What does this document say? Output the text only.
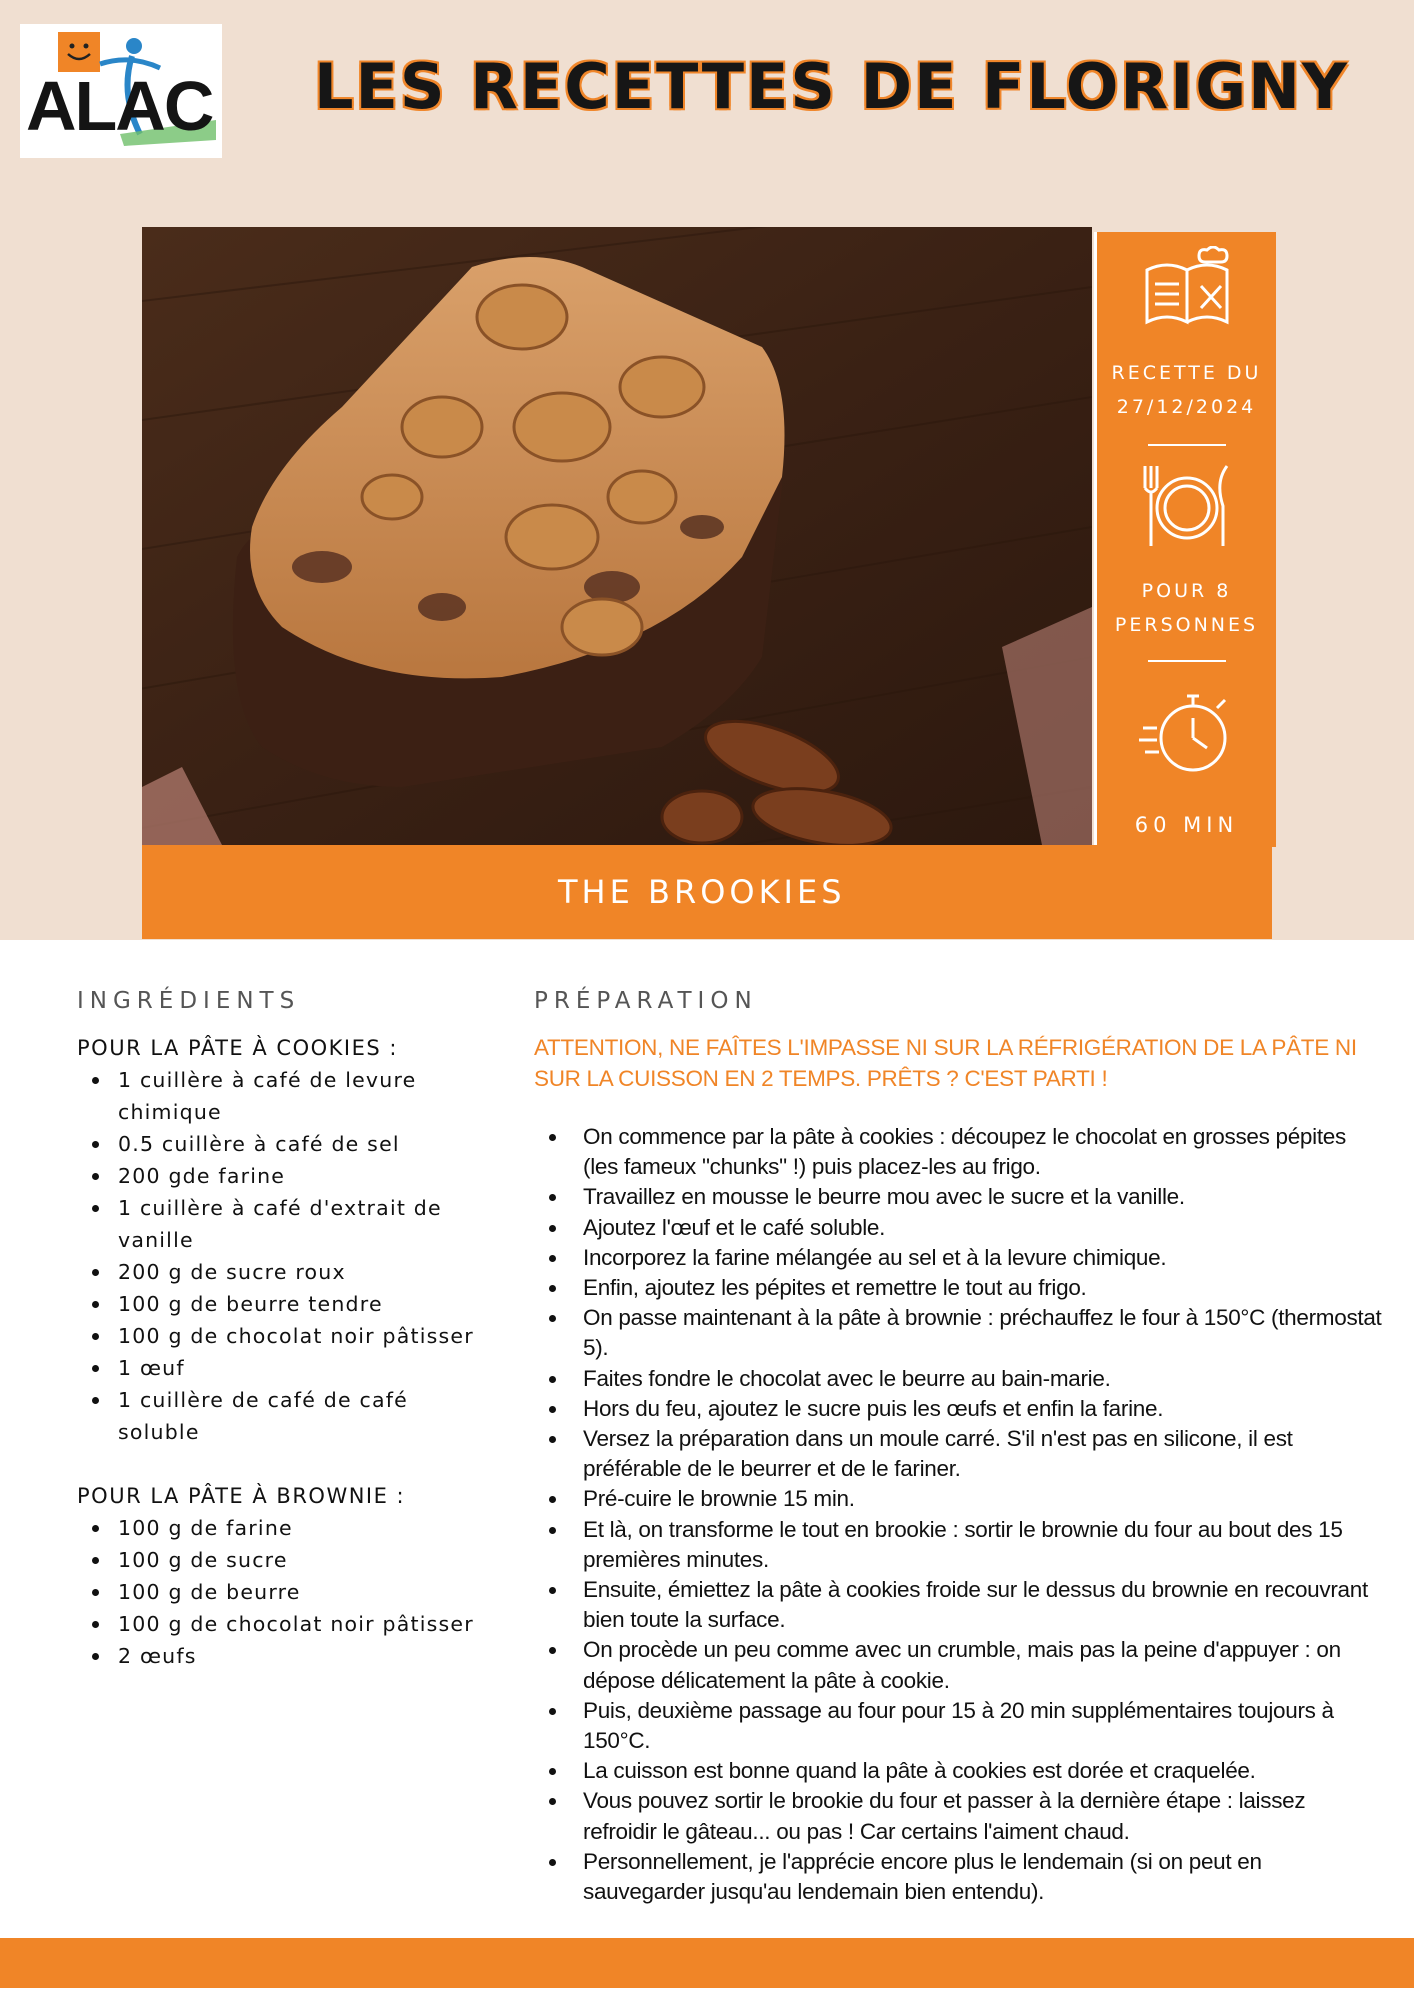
ALAC LES RECETTES DE FLORIGNY
RECETTE DU
27/12/2024
POUR 8
PERSONNES
60 MIN
THE BROOKIES
INGRÉDIENTS
POUR LA PÂTE À COOKIES :
1 cuillère à café de levure chimique
0.5 cuillère à café de sel
200 gde farine
1 cuillère à café d'extrait de vanille
200 g de sucre roux
100 g de beurre tendre
100 g de chocolat noir pâtisser
1 œuf
1 cuillère de café de café soluble
POUR LA PÂTE À BROWNIE :
100 g de farine
100 g de sucre
100 g de beurre
100 g de chocolat noir pâtisser
2 œufs
PRÉPARATION
ATTENTION, NE FAÎTES L'IMPASSE NI SUR LA RÉFRIGÉRATION DE LA PÂTE NI SUR LA CUISSON EN 2 TEMPS. PRÊTS ? C'EST PARTI !
On commence par la pâte à cookies : découpez le chocolat en grosses pépites (les fameux "chunks" !) puis placez-les au frigo.
Travaillez en mousse le beurre mou avec le sucre et la vanille.
Ajoutez l'œuf et le café soluble.
Incorporez la farine mélangée au sel et à la levure chimique.
Enfin, ajoutez les pépites et remettre le tout au frigo.
On passe maintenant à la pâte à brownie : préchauffez le four à 150°C (thermostat 5).
Faites fondre le chocolat avec le beurre au bain-marie.
Hors du feu, ajoutez le sucre puis les œufs et enfin la farine.
Versez la préparation dans un moule carré. S'il n'est pas en silicone, il est préférable de le beurrer et de le fariner.
Pré-cuire le brownie 15 min.
Et là, on transforme le tout en brookie : sortir le brownie du four au bout des 15 premières minutes.
Ensuite, émiettez la pâte à cookies froide sur le dessus du brownie en recouvrant bien toute la surface.
On procède un peu comme avec un crumble, mais pas la peine d'appuyer : on dépose délicatement la pâte à cookie.
Puis, deuxième passage au four pour 15 à 20 min supplémentaires toujours à 150°C.
La cuisson est bonne quand la pâte à cookies est dorée et craquelée.
Vous pouvez sortir le brookie du four et passer à la dernière étape : laissez refroidir le gâteau... ou pas ! Car certains l'aiment chaud.
Personnellement, je l'apprécie encore plus le lendemain (si on peut en sauvegarder jusqu'au lendemain bien entendu).
